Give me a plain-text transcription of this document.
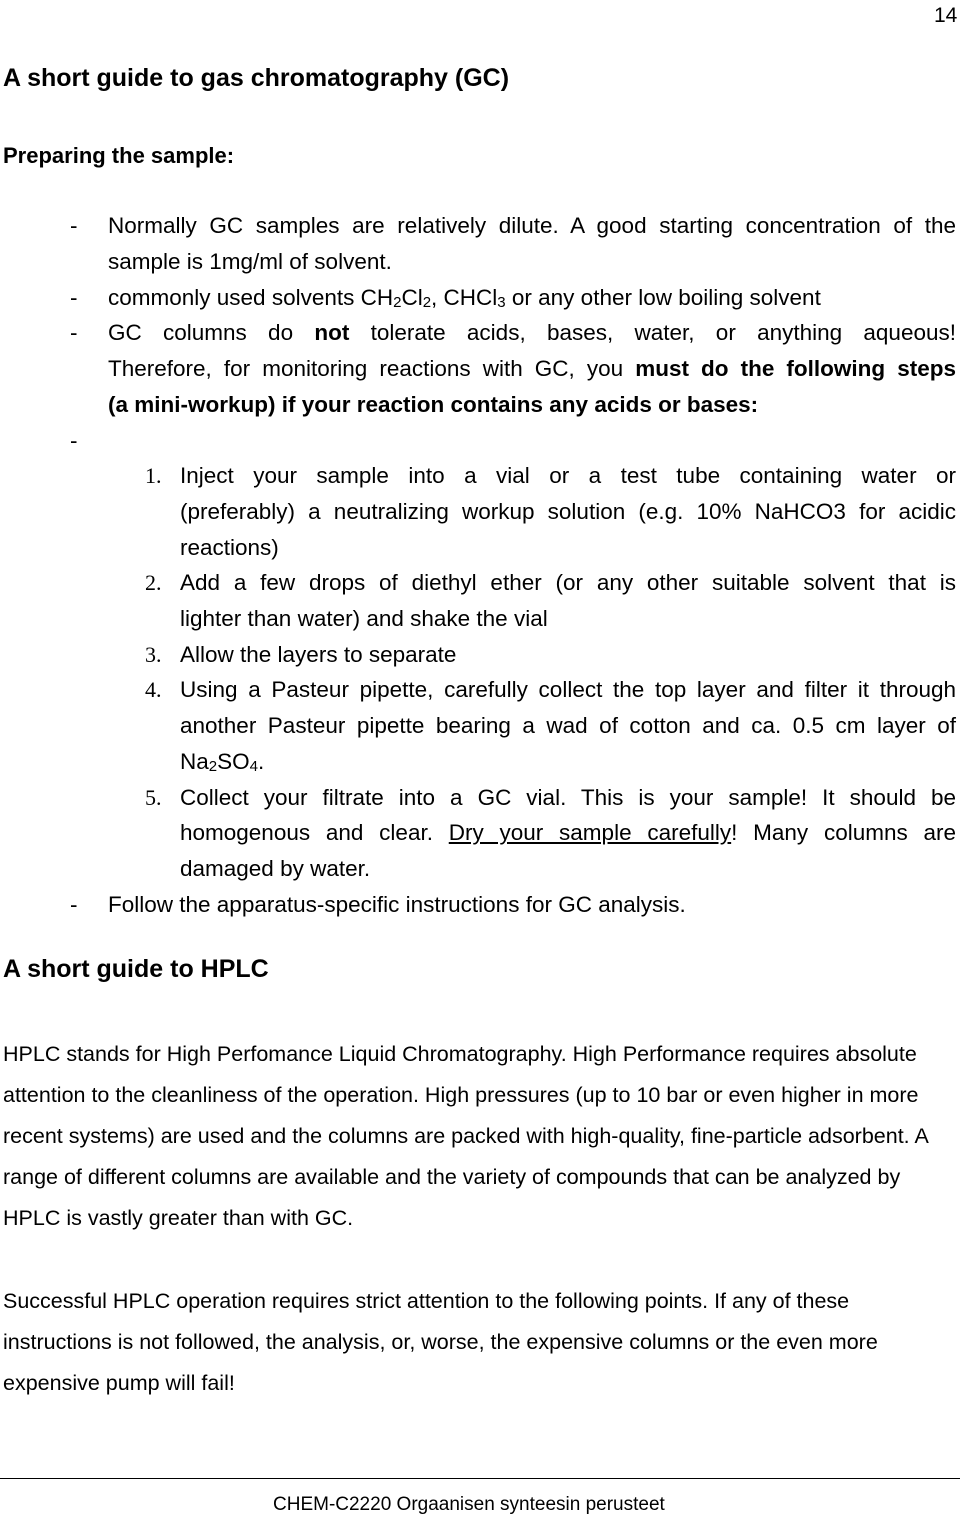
14
A short guide to gas chromatography (GC)
Preparing the sample:
- Normally GC samples are relatively dilute. A good starting concentration of the
sample is 1mg/ml of solvent.
- commonly used solvents $CH_2Cl_2$, CHCl$_3$ or any other low boiling solvent
- GC columns do not tolerate acids, bases, water, or anything aqueous!
Therefore, for monitoring reactions with GC, you must do the following steps
(a mini-workup) if your reaction contains any acids or bases:
-
1. Inject your sample into a vial or a test tube containing water or
(preferably) a neutralizing workup solution (e.g. 10% NaHCO3 for acidic
reactions)
2. Add a few drops of diethyl ether (or any other suitable solvent that is
lighter than water) and shake the vial
3. Allow the layers to separate
4. Using a Pasteur pipette, carefully collect the top layer and filter it through
another Pasteur pipette bearing a wad of cotton and ca. 0.5 cm layer of
$Na_2SO_4$.
5. Collect your filtrate into a GC vial. This is your sample! It should be
homogenous and clear. Dry your sample carefully! Many columns are
damaged by water.
- Follow the apparatus-specific instructions for GC analysis.
A short guide to HPLC

HPLC stands for High Perfomance Liquid Chromatography. High Performance requires absolute attention to the cleanliness of the operation. High pressures (up to 10 bar or even higher in more recent systems) are used and the columns are packed with high-quality, fine-particle adsorbent. A range of different columns are available and the variety of compounds that can be analyzed by HPLC is vastly greater than with GC.

Successful HPLC operation requires strict attention to the following points. If any of these instructions is not followed, the analysis, or, worse, the expensive columns or the even more expensive pump will fail!

CHEM-C2220 Orgaanisen synteesin perusteet
